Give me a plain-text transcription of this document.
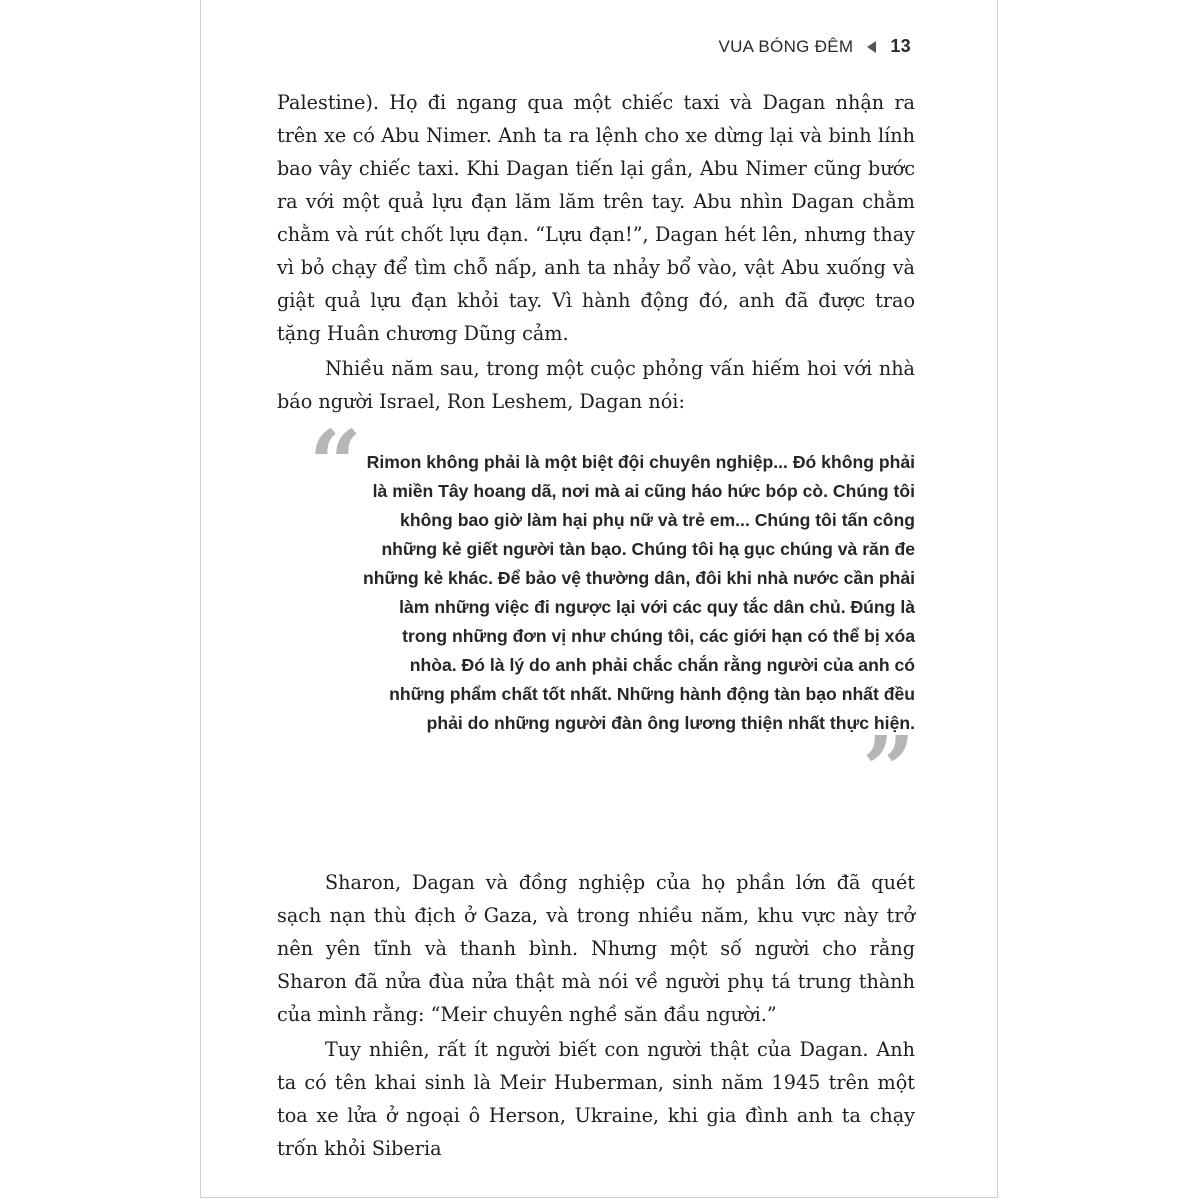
VUA BÓNG ĐÊM 13

Palestine). Họ đi ngang qua một chiếc taxi và Dagan nhận ra trên xe có Abu Nimer. Anh ta ra lệnh cho xe dừng lại và binh lính bao vây chiếc taxi. Khi Dagan tiến lại gần, Abu Nimer cũng bước ra với một quả lựu đạn lăm lăm trên tay. Abu nhìn Dagan chằm chằm và rút chốt lựu đạn. “Lựu đạn!”, Dagan hét lên, nhưng thay vì bỏ chạy để tìm chỗ nấp, anh ta nhảy bổ vào, vật Abu xuống và giật quả lựu đạn khỏi tay. Vì hành động đó, anh đã được trao tặng Huân chương Dũng cảm.

Nhiều năm sau, trong một cuộc phỏng vấn hiếm hoi với nhà báo người Israel, Ron Leshem, Dagan nói:

“ Rimon không phải là một biệt đội chuyên nghiệp... Đó không phải là miền Tây hoang dã, nơi mà ai cũng háo hức bóp cò. Chúng tôi không bao giờ làm hại phụ nữ và trẻ em... Chúng tôi tấn công những kẻ giết người tàn bạo. Chúng tôi hạ gục chúng và răn đe những kẻ khác. Để bảo vệ thường dân, đôi khi nhà nước cần phải làm những việc đi ngược lại với các quy tắc dân chủ. Đúng là trong những đơn vị như chúng tôi, các giới hạn có thể bị xóa nhòa. Đó là lý do anh phải chắc chắn rằng người của anh có những phẩm chất tốt nhất. Những hành động tàn bạo nhất đều phải do những người đàn ông lương thiện nhất thực hiện.
”

Sharon, Dagan và đồng nghiệp của họ phần lớn đã quét sạch nạn thù địch ở Gaza, và trong nhiều năm, khu vực này trở nên yên tĩnh và thanh bình. Nhưng một số người cho rằng Sharon đã nửa đùa nửa thật mà nói về người phụ tá trung thành của mình rằng: “Meir chuyên nghề săn đầu người.”

Tuy nhiên, rất ít người biết con người thật của Dagan. Anh ta có tên khai sinh là Meir Huberman, sinh năm 1945 trên một toa xe lửa ở ngoại ô Herson, Ukraine, khi gia đình anh ta chạy trốn khỏi Siberia
